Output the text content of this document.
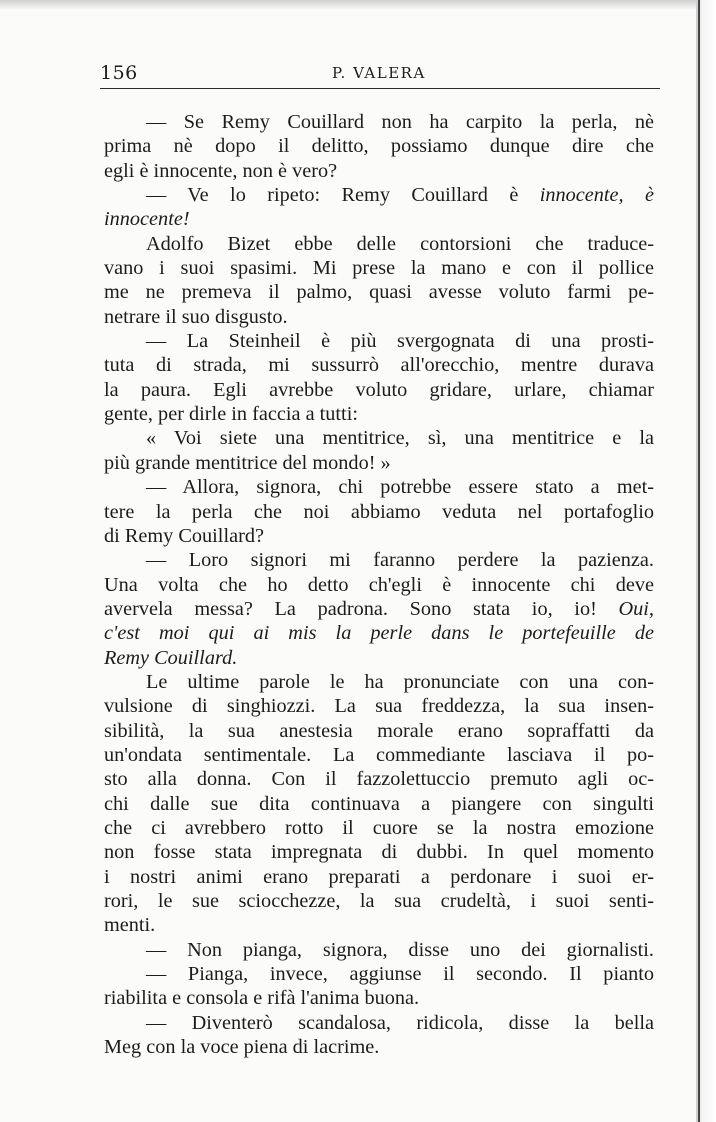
156	P. VALERA
— Se Remy Couillard non ha carpito la perla, nè
prima nè dopo il delitto, possiamo dunque dire che
egli è innocente, non è vero?
— Ve lo ripeto: Remy Couillard è innocente, è
innocente!
Adolfo Bizet ebbe delle contorsioni che traduce-
vano i suoi spasimi. Mi prese la mano e con il pollice
me ne premeva il palmo, quasi avesse voluto farmi pe-
netrare il suo disgusto.
— La Steinheil è più svergognata di una prosti-
tuta di strada, mi sussurrò all'orecchio, mentre durava
la paura. Egli avrebbe voluto gridare, urlare, chiamar
gente, per dirle in faccia a tutti:
« Voi siete una mentitrice, sì, una mentitrice e la
più grande mentitrice del mondo! »
— Allora, signora, chi potrebbe essere stato a met-
tere la perla che noi abbiamo veduta nel portafoglio
di Remy Couillard?
— Loro signori mi faranno perdere la pazienza.
Una volta che ho detto ch'egli è innocente chi deve
avervela messa? La padrona. Sono stata io, io! Oui,
c'est moi qui ai mis la perle dans le portefeuille de
Remy Couillard.
Le ultime parole le ha pronunciate con una con-
vulsione di singhiozzi. La sua freddezza, la sua insen-
sibilità, la sua anestesia morale erano sopraffatti da
un'ondata sentimentale. La commediante lasciava il po-
sto alla donna. Con il fazzolettuccio premuto agli oc-
chi dalle sue dita continuava a piangere con singulti
che ci avrebbero rotto il cuore se la nostra emozione
non fosse stata impregnata di dubbi. In quel momento
i nostri animi erano preparati a perdonare i suoi er-
rori, le sue sciocchezze, la sua crudeltà, i suoi senti-
menti.
— Non pianga, signora, disse uno dei giornalisti.
— Pianga, invece, aggiunse il secondo. Il pianto
riabilita e consola e rifà l'anima buona.
— Diventerò scandalosa, ridicola, disse la bella
Meg con la voce piena di lacrime.
